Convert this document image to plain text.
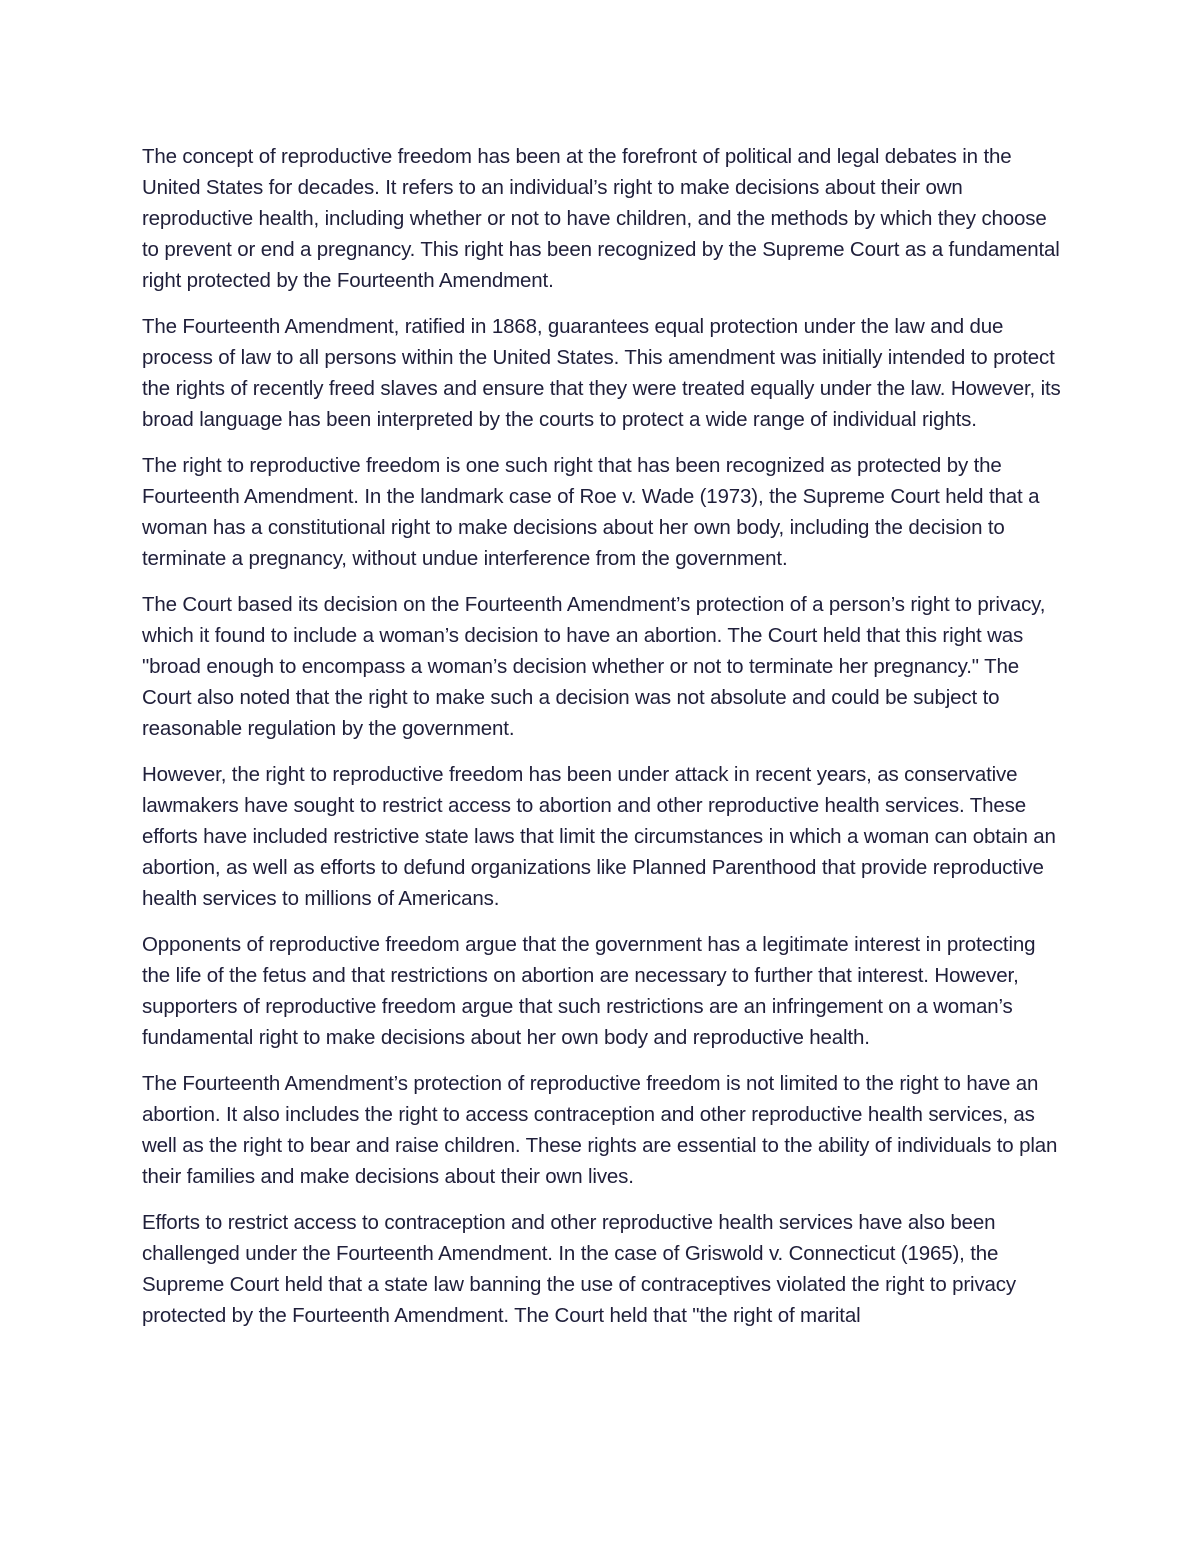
The concept of reproductive freedom has been at the forefront of political and legal debates in the United States for decades. It refers to an individual’s right to make decisions about their own reproductive health, including whether or not to have children, and the methods by which they choose to prevent or end a pregnancy. This right has been recognized by the Supreme Court as a fundamental right protected by the Fourteenth Amendment.

The Fourteenth Amendment, ratified in 1868, guarantees equal protection under the law and due process of law to all persons within the United States. This amendment was initially intended to protect the rights of recently freed slaves and ensure that they were treated equally under the law. However, its broad language has been interpreted by the courts to protect a wide range of individual rights.

The right to reproductive freedom is one such right that has been recognized as protected by the Fourteenth Amendment. In the landmark case of Roe v. Wade (1973), the Supreme Court held that a woman has a constitutional right to make decisions about her own body, including the decision to terminate a pregnancy, without undue interference from the government.

The Court based its decision on the Fourteenth Amendment’s protection of a person’s right to privacy, which it found to include a woman’s decision to have an abortion. The Court held that this right was "broad enough to encompass a woman’s decision whether or not to terminate her pregnancy." The Court also noted that the right to make such a decision was not absolute and could be subject to reasonable regulation by the government.

However, the right to reproductive freedom has been under attack in recent years, as conservative lawmakers have sought to restrict access to abortion and other reproductive health services. These efforts have included restrictive state laws that limit the circumstances in which a woman can obtain an abortion, as well as efforts to defund organizations like Planned Parenthood that provide reproductive health services to millions of Americans.

Opponents of reproductive freedom argue that the government has a legitimate interest in protecting the life of the fetus and that restrictions on abortion are necessary to further that interest. However, supporters of reproductive freedom argue that such restrictions are an infringement on a woman’s fundamental right to make decisions about her own body and reproductive health.

The Fourteenth Amendment’s protection of reproductive freedom is not limited to the right to have an abortion. It also includes the right to access contraception and other reproductive health services, as well as the right to bear and raise children. These rights are essential to the ability of individuals to plan their families and make decisions about their own lives.

Efforts to restrict access to contraception and other reproductive health services have also been challenged under the Fourteenth Amendment. In the case of Griswold v. Connecticut (1965), the Supreme Court held that a state law banning the use of contraceptives violated the right to privacy protected by the Fourteenth Amendment. The Court held that "the right of marital
